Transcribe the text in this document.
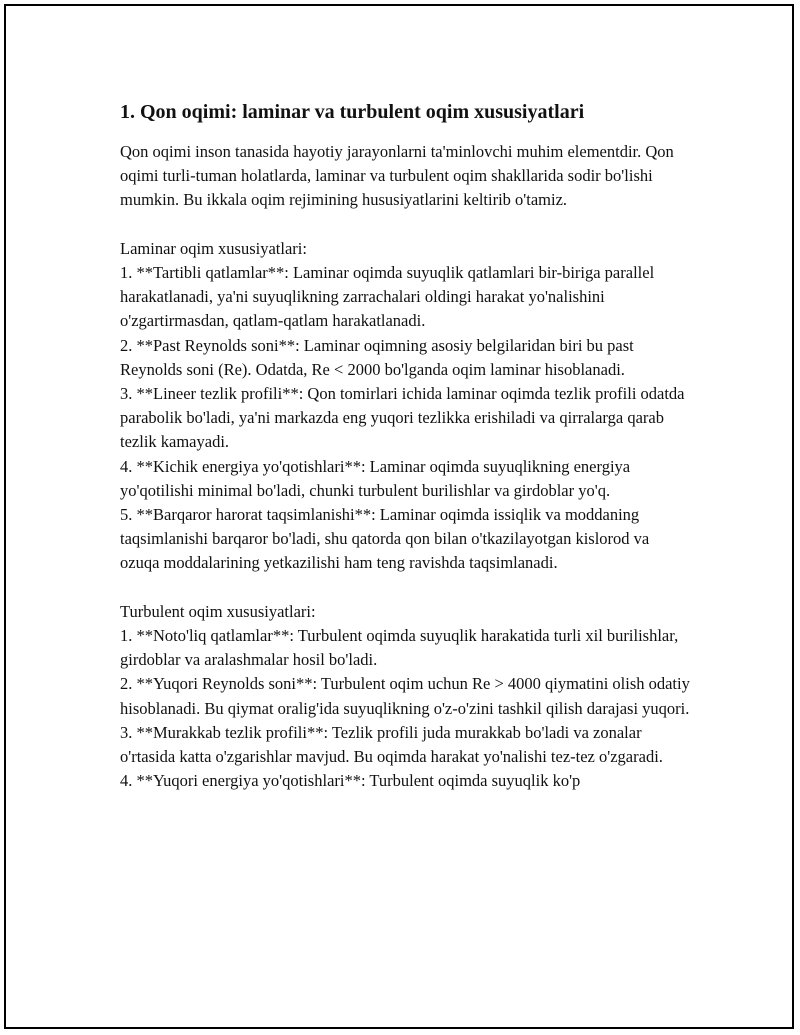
1. Qon oqimi: laminar va turbulent oqim xususiyatlari

Qon oqimi inson tanasida hayotiy jarayonlarni ta'minlovchi muhim elementdir. Qon oqimi turli-tuman holatlarda, laminar va turbulent oqim shakllarida sodir bo'lishi mumkin. Bu ikkala oqim rejimining hususiyatlarini keltirib o'tamiz.

Laminar oqim xususiyatlari:
1. **Tartibli qatlamlar**: Laminar oqimda suyuqlik qatlamlari bir-biriga parallel harakatlanadi, ya'ni suyuqlikning zarrachalari oldingi harakat yo'nalishini o'zgartirmasdan, qatlam-qatlam harakatlanadi.
2. **Past Reynolds soni**: Laminar oqimning asosiy belgilaridan biri bu past Reynolds soni (Re). Odatda, Re < 2000 bo'lganda oqim laminar hisoblanadi.
3. **Lineer tezlik profili**: Qon tomirlari ichida laminar oqimda tezlik profili odatda parabolik bo'ladi, ya'ni markazda eng yuqori tezlikka erishiladi va qirralarga qarab tezlik kamayadi.
4. **Kichik energiya yo'qotishlari**: Laminar oqimda suyuqlikning energiya yo'qotilishi minimal bo'ladi, chunki turbulent burilishlar va girdoblar yo'q.
5. **Barqaror harorat taqsimlanishi**: Laminar oqimda issiqlik va moddaning taqsimlanishi barqaror bo'ladi, shu qatorda qon bilan o'tkazilayotgan kislorod va ozuqa moddalarining yetkazilishi ham teng ravishda taqsimlanadi.
Turbulent oqim xususiyatlari:
1. **Noto'liq qatlamlar**: Turbulent oqimda suyuqlik harakatida turli xil burilishlar, girdoblar va aralashmalar hosil bo'ladi.
2. **Yuqori Reynolds soni**: Turbulent oqim uchun Re > 4000 qiymatini olish odatiy hisoblanadi. Bu qiymat oralig'ida suyuqlikning o'z-o'zini tashkil qilish darajasi yuqori.
3. **Murakkab tezlik profili**: Tezlik profili juda murakkab bo'ladi va zonalar o'rtasida katta o'zgarishlar mavjud. Bu oqimda harakat yo'nalishi tez-tez o'zgaradi.
4. **Yuqori energiya yo'qotishlari**: Turbulent oqimda suyuqlik ko'p
